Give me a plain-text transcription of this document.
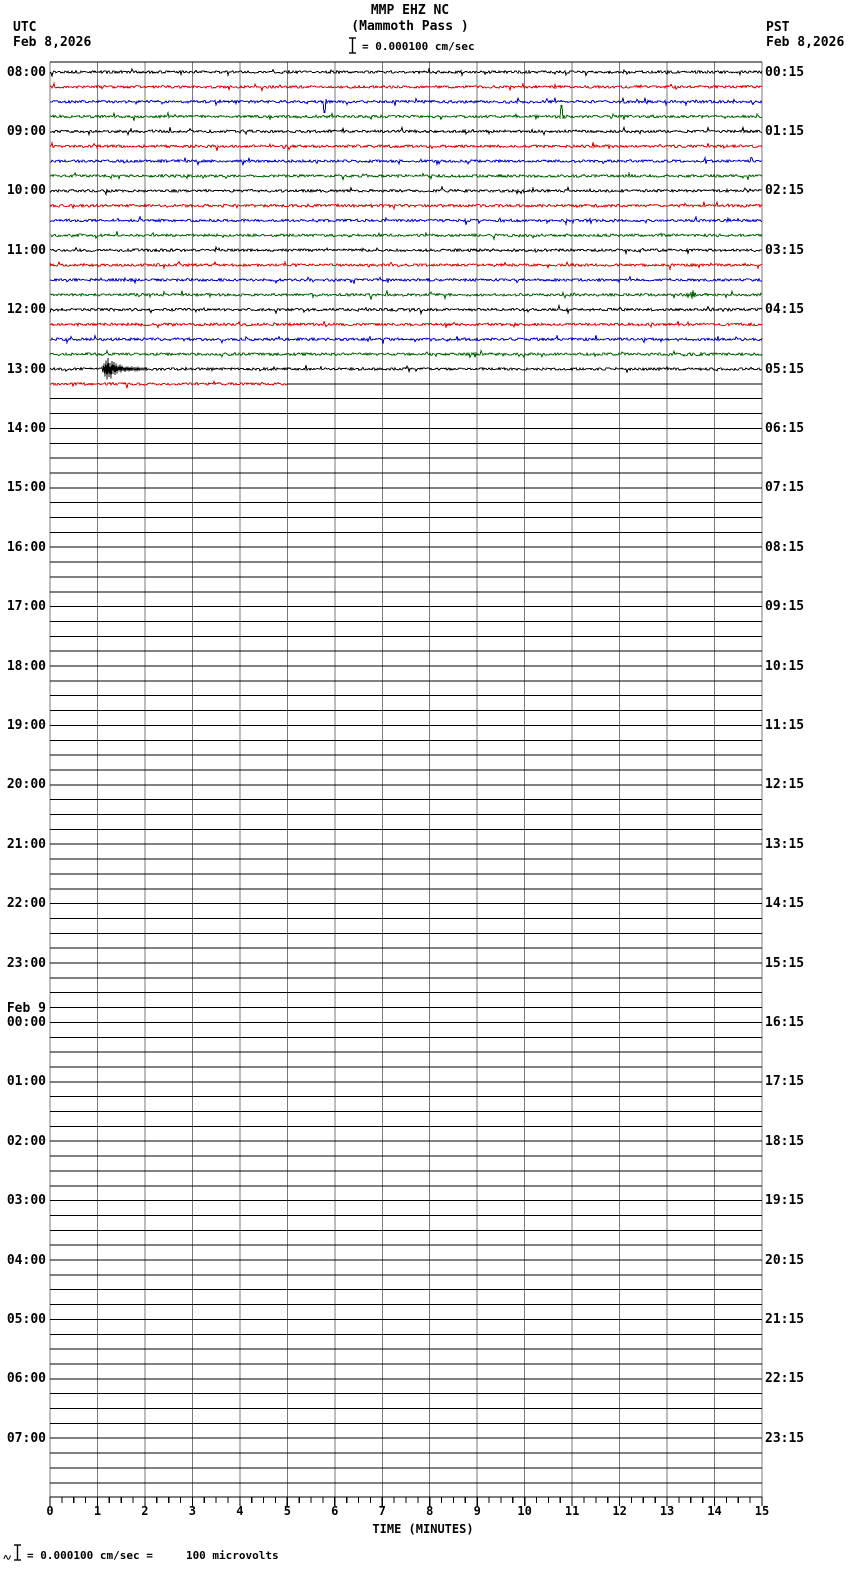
UTC
Feb 8,2026
PST
Feb 8,2026
MMP EHZ NC
(Mammoth Pass )
= 0.000100 cm/sec
08:00
09:00
10:00
11:00
12:00
13:00
14:00
15:00
16:00
17:00
18:00
19:00
20:00
21:00
22:00
23:00
Feb 9
00:00
01:00
02:00
03:00
04:00
05:00
06:00
07:00
00:15
01:15
02:15
03:15
04:15
05:15
06:15
07:15
08:15
09:15
10:15
11:15
12:15
13:15
14:15
15:15
16:15
17:15
18:15
19:15
20:15
21:15
22:15
23:15
0	1	2	3	4	5	6	7	8	9	10	11	12	13	14	15
TIME (MINUTES)
= 0.000100 cm/sec =     100 microvolts
